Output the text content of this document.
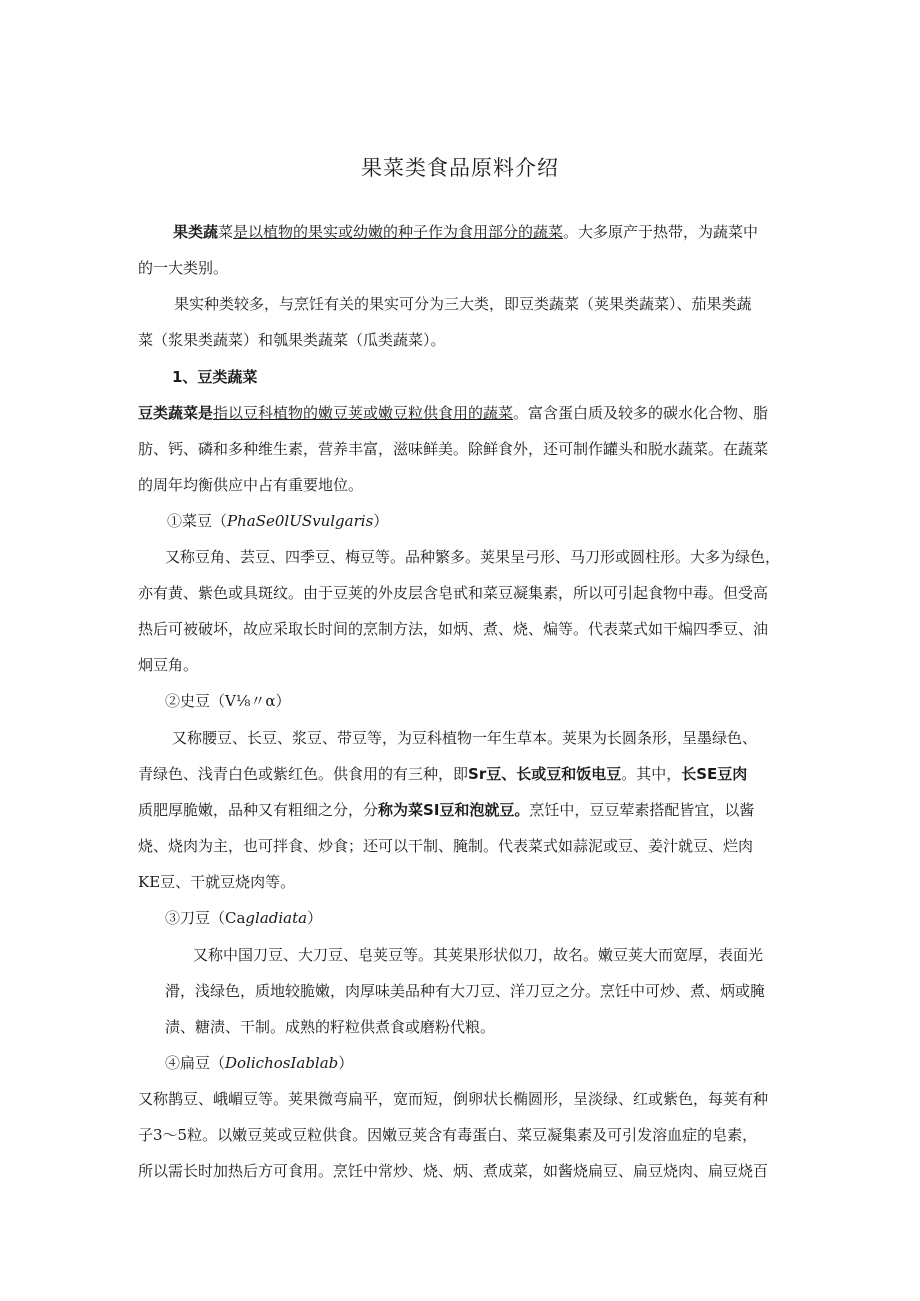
果菜类食品原料介绍
果类蔬菜是以植物的果实或幼嫩的种子作为食用部分的蔬菜。大多原产于热带，为蔬菜中
的一大类别。
果实种类较多，与烹饪有关的果实可分为三大类，即豆类蔬菜（荚果类蔬菜）、茄果类蔬
菜（浆果类蔬菜）和瓠果类蔬菜（瓜类蔬菜）。
1、豆类蔬菜
豆类蔬菜是指以豆科植物的嫩豆荚或嫩豆粒供食用的蔬菜。富含蛋白质及较多的碳水化合物、脂
肪、钙、磷和多种维生素，营养丰富，滋味鲜美。除鲜食外，还可制作罐头和脱水蔬菜。在蔬菜
的周年均衡供应中占有重要地位。
①菜豆（PhaSe0lUSvulgaris）
又称豆角、芸豆、四季豆、梅豆等。品种繁多。荚果呈弓形、马刀形或圆柱形。大多为绿色，
亦有黄、紫色或具斑纹。由于豆荚的外皮层含皂甙和菜豆凝集素，所以可引起食物中毒。但受高
热后可被破坏，故应采取长时间的烹制方法，如炳、煮、烧、煸等。代表菜式如干煸四季豆、油
炯豆角。
②史豆（V⅛〃α）
又称腰豆、长豆、浆豆、带豆等，为豆科植物一年生草本。荚果为长圆条形，呈墨绿色、
青绿色、浅青白色或紫红色。供食用的有三种，即Sr豆、长或豆和饭电豆。其中，长SE豆肉
质肥厚脆嫩，品种又有粗细之分，分称为菜SI豆和泡就豆。烹饪中，豆豆荤素搭配皆宜，以酱
烧、烧肉为主，也可拌食、炒食；还可以干制、腌制。代表菜式如蒜泥或豆、姜汁就豆、烂肉
KE豆、干就豆烧肉等。
③刀豆（Cagladiata）
又称中国刀豆、大刀豆、皂荚豆等。其荚果形状似刀，故名。嫩豆荚大而宽厚，表面光
滑，浅绿色，质地较脆嫩，肉厚味美品种有大刀豆、洋刀豆之分。烹饪中可炒、煮、炳或腌
渍、糖渍、干制。成熟的籽粒供煮食或磨粉代粮。
④扁豆（DolichosIablab）
又称鹊豆、峨嵋豆等。荚果微弯扁平，宽而短，倒卵状长椭圆形，呈淡绿、红或紫色，每荚有种
子3〜5粒。以嫩豆荚或豆粒供食。因嫩豆荚含有毒蛋白、菜豆凝集素及可引发溶血症的皂素，
所以需长时加热后方可食用。烹饪中常炒、烧、炳、煮成菜，如酱烧扁豆、扁豆烧肉、扁豆烧百
